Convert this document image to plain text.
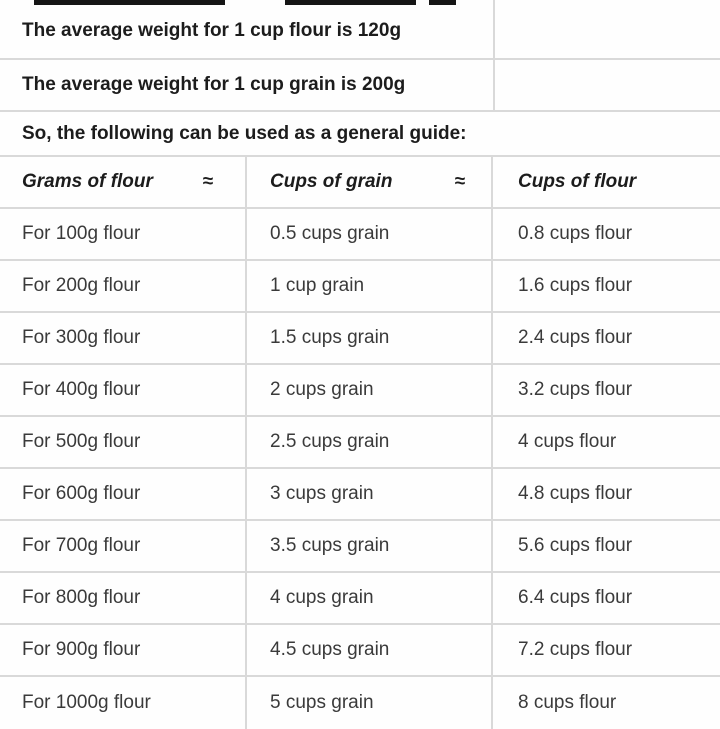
The average weight for 1 cup flour is 120g
The average weight for 1 cup grain is 200g
So, the following can be used as a general guide:
Grams of flour	≈	Cups of grain	≈	Cups of flour
For 100g flour	0.5 cups grain	0.8 cups flour
For 200g flour	1 cup grain	1.6 cups flour
For 300g flour	1.5 cups grain	2.4 cups flour
For 400g flour	2 cups grain	3.2 cups flour
For 500g flour	2.5 cups grain	4 cups flour
For 600g flour	3 cups grain	4.8 cups flour
For 700g flour	3.5 cups grain	5.6 cups flour
For 800g flour	4 cups grain	6.4 cups flour
For 900g flour	4.5 cups grain	7.2 cups flour
For 1000g flour	5 cups grain	8 cups flour
